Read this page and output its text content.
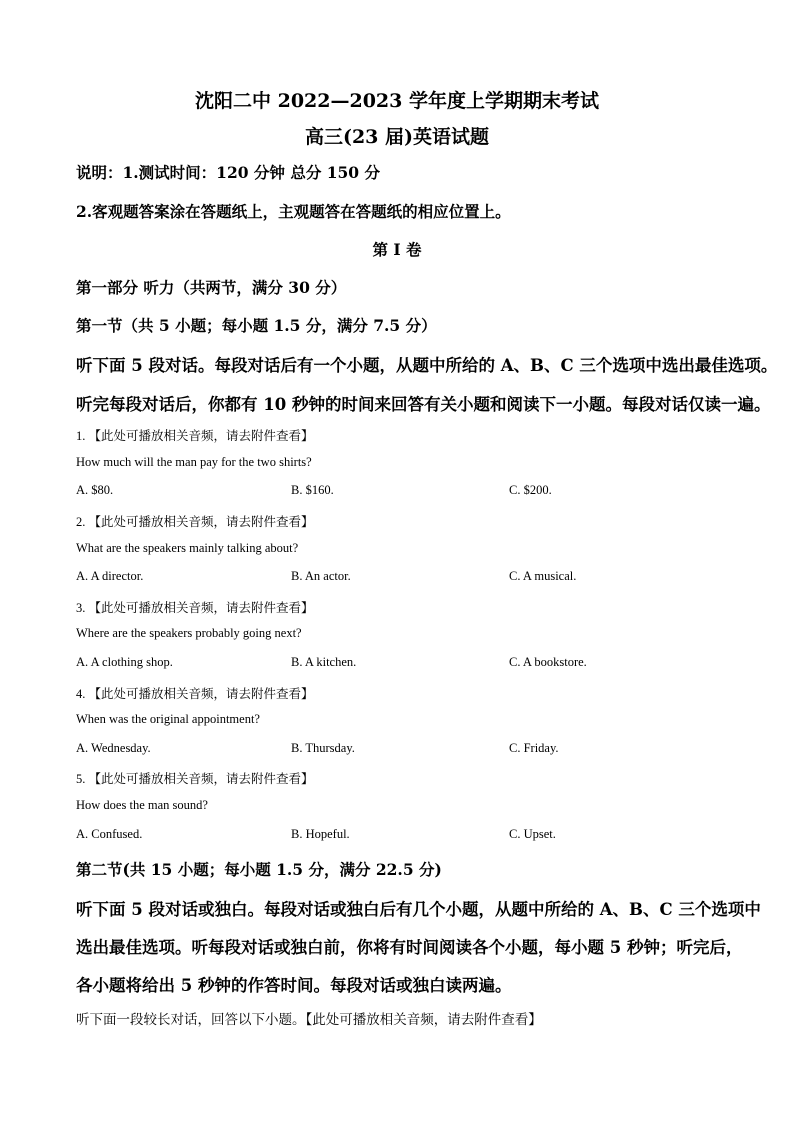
沈阳二中 2022—2023 学年度上学期期末考试
高三(23 届)英语试题
说明：1.测试时间：120 分钟 总分 150 分
2.客观题答案涂在答题纸上，主观题答在答题纸的相应位置上。
第 I 卷
第一部分 听力（共两节，满分 30 分）
第一节（共 5 小题；每小题 1.5 分，满分 7.5 分）
听下面 5 段对话。每段对话后有一个小题，从题中所给的 A、B、C 三个选项中选出最佳选项。
听完每段对话后，你都有 10 秒钟的时间来回答有关小题和阅读下一小题。每段对话仅读一遍。
1. 【此处可播放相关音频，请去附件查看】
How much will the man pay for the two shirts?
A. $80.	B. $160.	C. $200.
2. 【此处可播放相关音频，请去附件查看】
What are the speakers mainly talking about?
A. A director.	B. An actor.	C. A musical.
3. 【此处可播放相关音频，请去附件查看】
Where are the speakers probably going next?
A. A clothing shop.	B. A kitchen.	C. A bookstore.
4. 【此处可播放相关音频，请去附件查看】
When was the original appointment?
A. Wednesday.	B. Thursday.	C. Friday.
5. 【此处可播放相关音频，请去附件查看】
How does the man sound?
A. Confused.	B. Hopeful.	C. Upset.
第二节(共 15 小题；每小题 1.5 分，满分 22.5 分)
听下面 5 段对话或独白。每段对话或独白后有几个小题，从题中所给的 A、B、C 三个选项中
选出最佳选项。听每段对话或独白前，你将有时间阅读各个小题，每小题 5 秒钟；听完后，
各小题将给出 5 秒钟的作答时间。每段对话或独白读两遍。
听下面一段较长对话，回答以下小题。【此处可播放相关音频，请去附件查看】
